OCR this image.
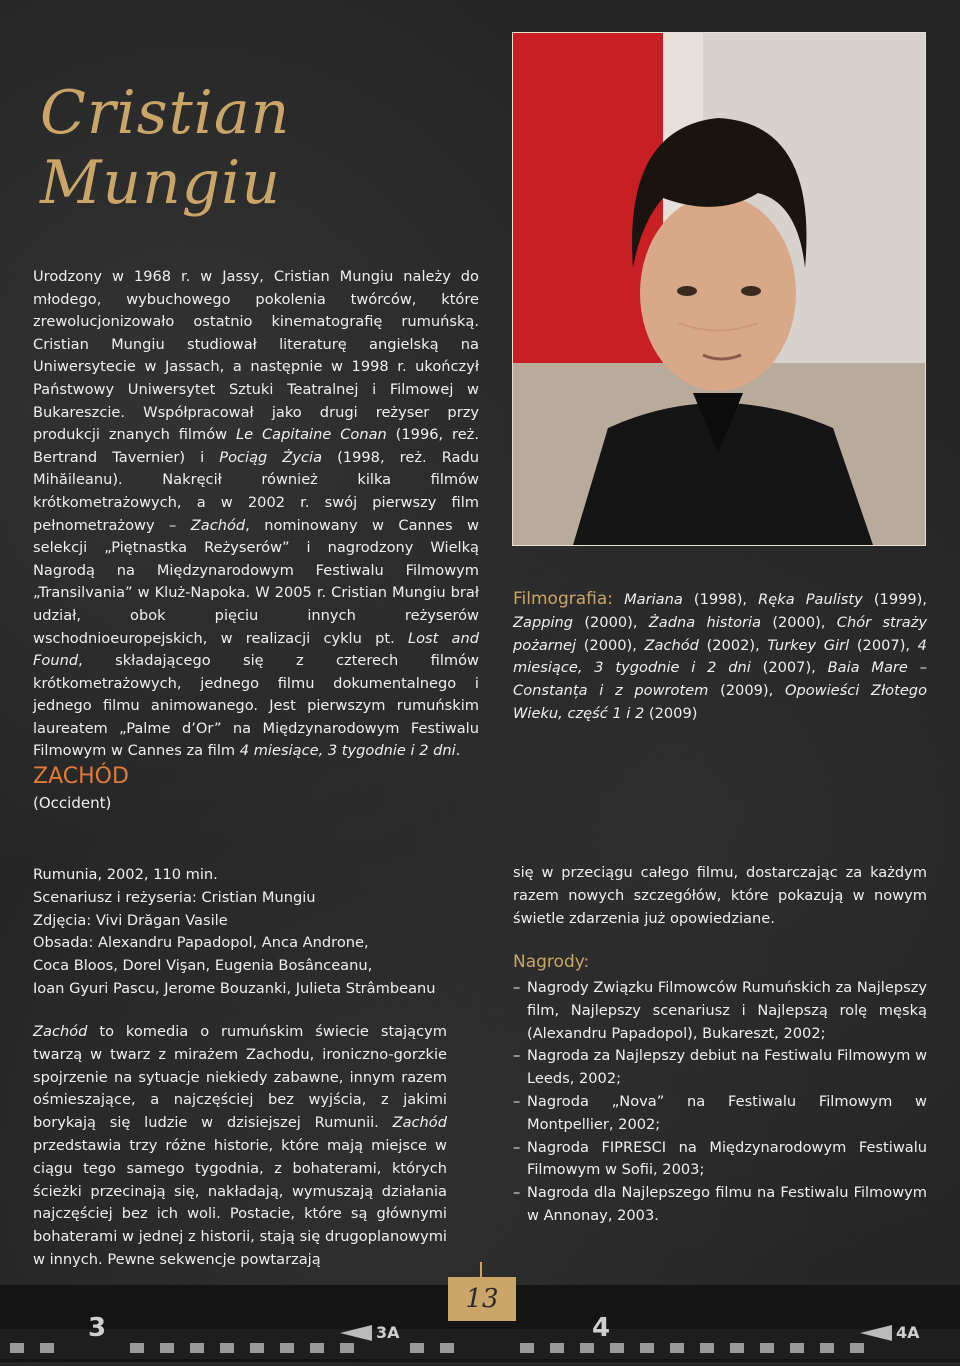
Cristian
Mungiu
Urodzony w 1968 r. w Jassy, Cristian Mungiu należy do młodego, wybuchowego pokolenia twórców, które zrewolucjonizowało ostatnio kinematografię rumuńską. Cristian Mungiu studiował literaturę angielską na Uniwersytecie w Jassach, a następnie w 1998 r. ukończył Państwowy Uniwersytet Sztuki Teatralnej i Filmowej w Bukareszcie. Współpracował jako drugi reżyser przy produkcji znanych filmów Le Capitaine Conan (1996, reż. Bertrand Tavernier) i Pociąg Życia (1998, reż. Radu Mihăileanu). Nakręcił również kilka filmów krótkometrażowych, a w 2002 r. swój pierwszy film pełnometrażowy – Zachód, nominowany w Cannes w selekcji „Piętnastka Reżyserów” i nagrodzony Wielką Nagrodą na Międzynarodowym Festiwalu Filmowym „Transilvania” w Kluż-Napoka. W 2005 r. Cristian Mungiu brał udział, obok pięciu innych reżyserów wschodnioeuropejskich, w realizacji cyklu pt. Lost and Found, składającego się z czterech filmów krótkometrażowych, jednego filmu dokumentalnego i jednego filmu animowanego. Jest pierwszym rumuńskim laureatem „Palme d’Or” na Międzynarodowym Festiwalu Filmowym w Cannes za film 4 miesiące, 3 tygodnie i 2 dni.
Filmografia: Mariana (1998), Ręka Paulisty (1999), Zapping (2000), Żadna historia (2000), Chór straży pożarnej (2000), Zachód (2002), Turkey Girl (2007), 4 miesiące, 3 tygodnie i 2 dni (2007), Baia Mare –Constanța i z powrotem (2009), Opowieści Złotego Wieku, część 1 i 2 (2009)
ZACHÓD
(Occident)
Rumunia, 2002, 110 min.
Scenariusz i reżyseria: Cristian Mungiu
Zdjęcia: Vivi Drăgan Vasile
Obsada: Alexandru Papadopol, Anca Androne,
Coca Bloos, Dorel Vişan, Eugenia Bosânceanu,
Ioan Gyuri Pascu, Jerome Bouzanki, Julieta Strâmbeanu
Zachód to komedia o rumuńskim świecie stającym twarzą w twarz z mirażem Zachodu, ironiczno-gorzkie spojrzenie na sytuacje niekiedy zabawne, innym razem ośmieszające, a najczęściej bez wyjścia, z jakimi borykają się ludzie w dzisiejszej Rumunii. Zachód przedstawia trzy różne historie, które mają miejsce w ciągu tego samego tygodnia, z bohaterami, których ścieżki przecinają się, nakładają, wymuszają działania najczęściej bez ich woli. Postacie, które są głównymi bohaterami w jednej z historii, stają się drugoplanowymi w innych. Pewne sekwencje powtarzają
się w przeciągu całego filmu, dostarczając za każdym razem nowych szczegółów, które pokazują w nowym świetle zdarzenia już opowiedziane.
Nagrody:
– Nagrody Związku Filmowców Rumuńskich za Najlepszy film, Najlepszy scenariusz i Najlepszą rolę męską (Alexandru Papadopol), Bukareszt, 2002;
– Nagroda za Najlepszy debiut na Festiwalu Filmowym w Leeds, 2002;
– Nagroda „Nova” na Festiwalu Filmowym w Montpellier, 2002;
– Nagroda FIPRESCI na Międzynarodowym Festiwalu Filmowym w Sofii, 2003;
– Nagroda dla Najlepszego filmu na Festiwalu Filmowym w Annonay, 2003.
3	3A	4	4A
13
